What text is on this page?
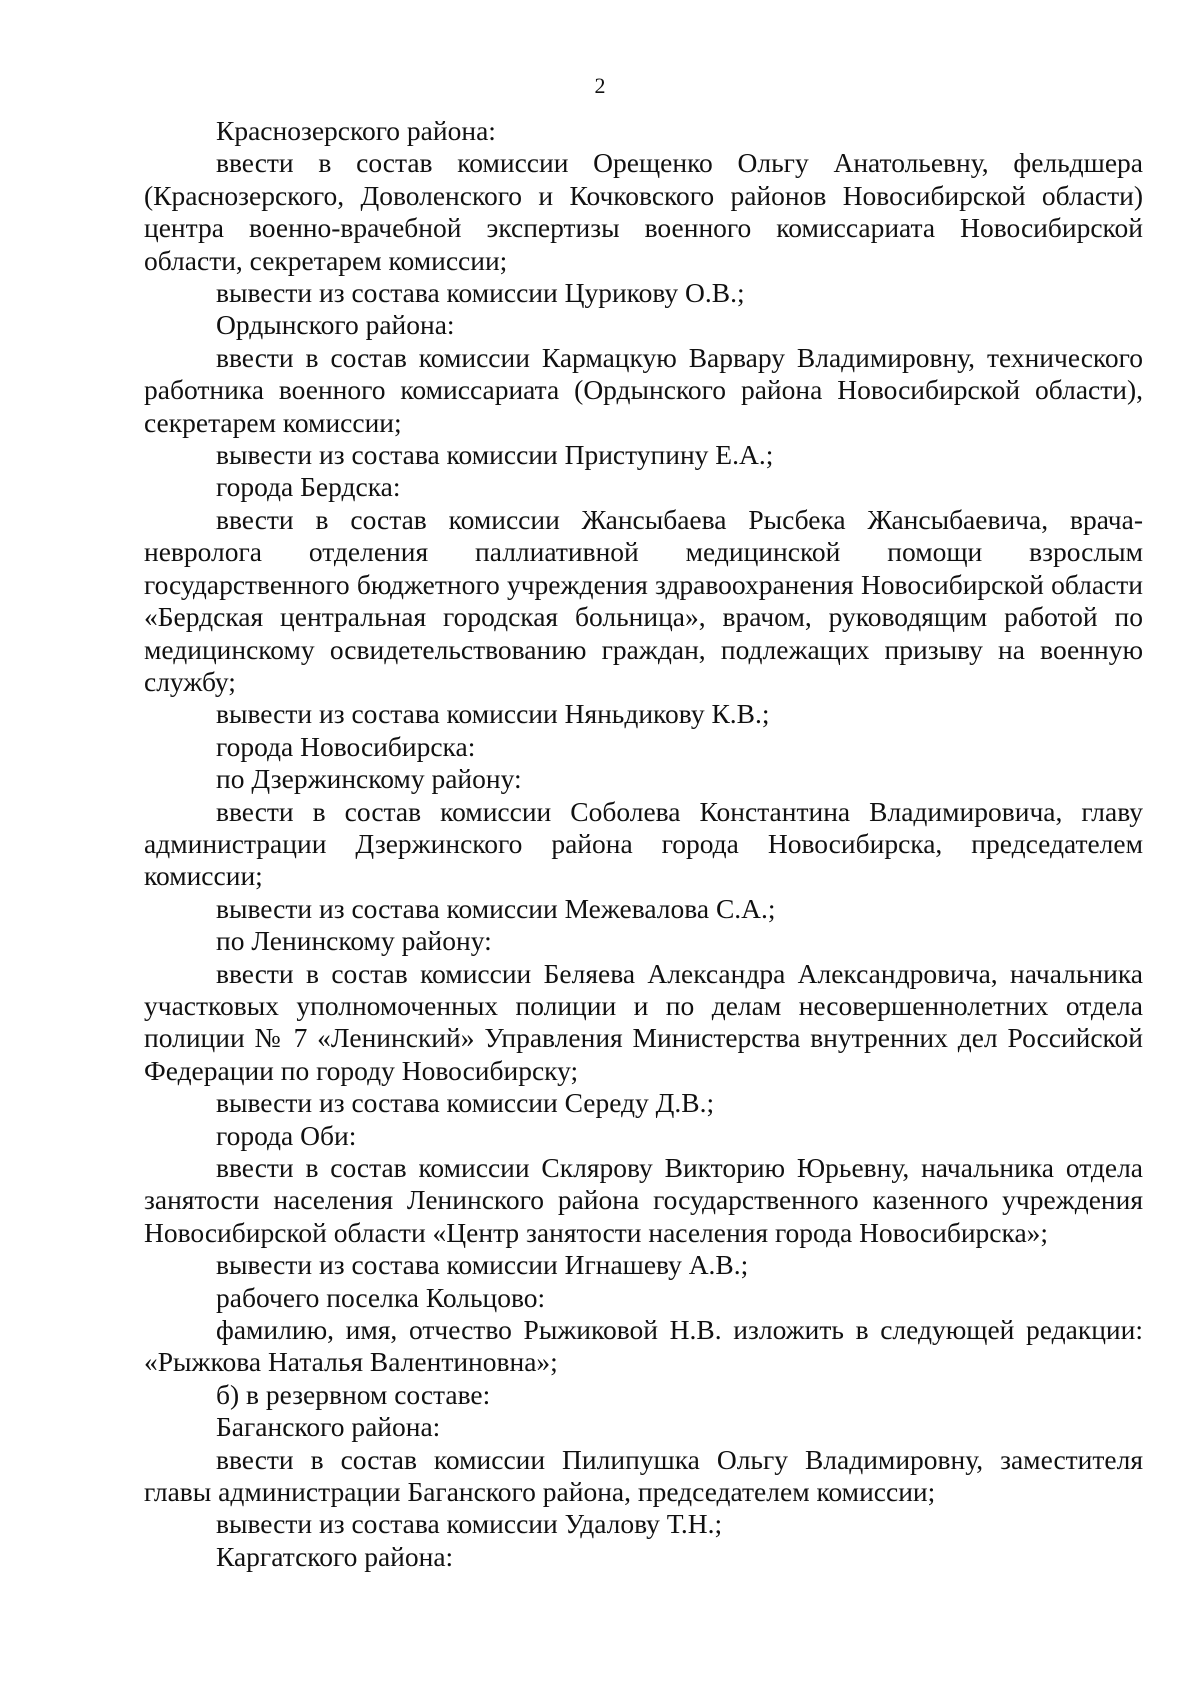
2

Краснозерского района:

ввести в состав комиссии Орещенко Ольгу Анатольевну, фельдшера (Краснозерского, Доволенского и Кочковского районов Новосибирской области) центра военно-врачебной экспертизы военного комиссариата Новосибирской области, секретарем комиссии;

вывести из состава комиссии Цурикову О.В.;

Ордынского района:

ввести в состав комиссии Кармацкую Варвару Владимировну, технического работника военного комиссариата (Ордынского района Новосибирской области), секретарем комиссии;

вывести из состава комиссии Приступину Е.А.;

города Бердска:

ввести в состав комиссии Жансыбаева Рысбека Жансыбаевича, врача-невролога отделения паллиативной медицинской помощи взрослым государственного бюджетного учреждения здравоохранения Новосибирской области «Бердская центральная городская больница», врачом, руководящим работой по медицинскому освидетельствованию граждан, подлежащих призыву на военную службу;

вывести из состава комиссии Няньдикову К.В.;

города Новосибирска:

по Дзержинскому району:

ввести в состав комиссии Соболева Константина Владимировича, главу администрации Дзержинского района города Новосибирска, председателем комиссии;

вывести из состава комиссии Межевалова С.А.;

по Ленинскому району:

ввести в состав комиссии Беляева Александра Александровича, начальника участковых уполномоченных полиции и по делам несовершеннолетних отдела полиции № 7 «Ленинский» Управления Министерства внутренних дел Российской Федерации по городу Новосибирску;

вывести из состава комиссии Середу Д.В.;

города Оби:

ввести в состав комиссии Склярову Викторию Юрьевну, начальника отдела занятости населения Ленинского района государственного казенного учреждения Новосибирской области «Центр занятости населения города Новосибирска»;

вывести из состава комиссии Игнашеву А.В.;

рабочего поселка Кольцово:

фамилию, имя, отчество Рыжиковой Н.В. изложить в следующей редакции: «Рыжкова Наталья Валентиновна»;

б) в резервном составе:

Баганского района:

ввести в состав комиссии Пилипушка Ольгу Владимировну, заместителя главы администрации Баганского района, председателем комиссии;

вывести из состава комиссии Удалову Т.Н.;

Каргатского района:
